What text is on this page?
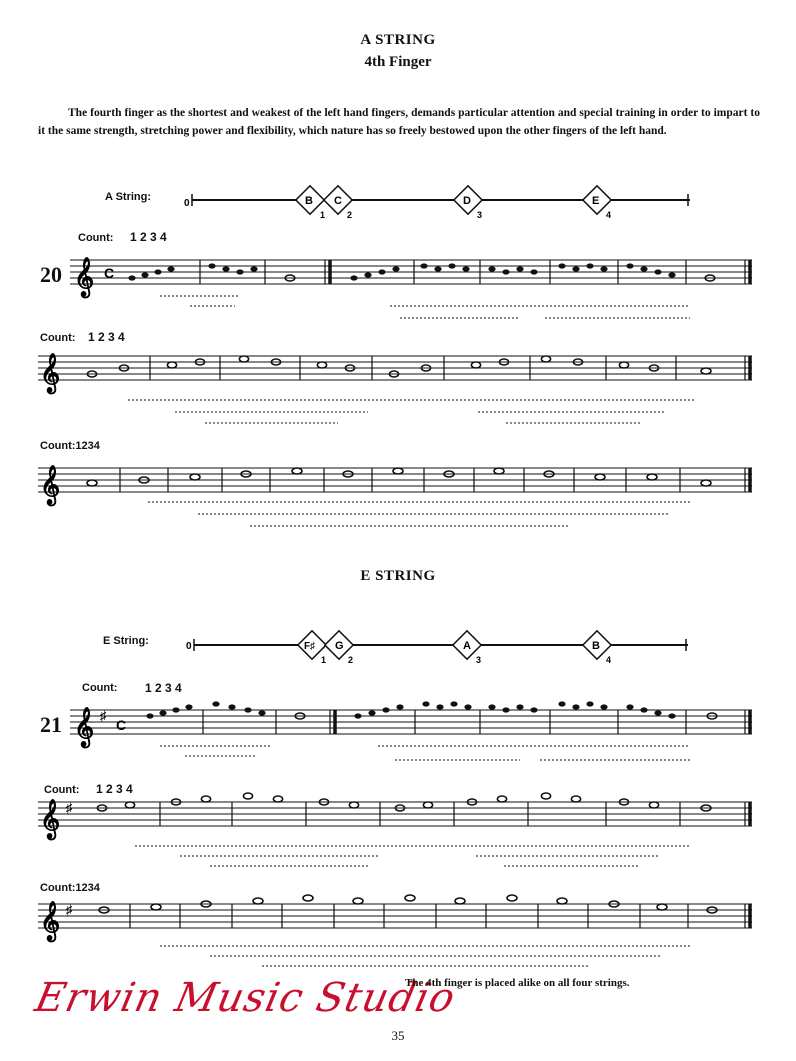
A STRING
4th Finger
The fourth finger as the shortest and weakest of the left hand fingers, demands particular attention and special training in order to impart to it the same strength, stretching power and flexibility, which nature has so freely bestowed upon the other fingers of the left hand.
A String:
0	B C	D	E
1 2	3	4
Count: 1 2 3 4
20 𝄞
𝄞
𝄞
C
Count: 1 2 3 4
Count:1234
E STRING
E String:	0	F♯ G	A	B
1 2	3	4
Count: 1 2 3 4
21 𝄞
𝄞
𝄞
♯
♯
♯
C
Count: 1 2 3 4
Count:1234
Erwin Music Studio
The 4th finger is placed alike on all four strings.
35
